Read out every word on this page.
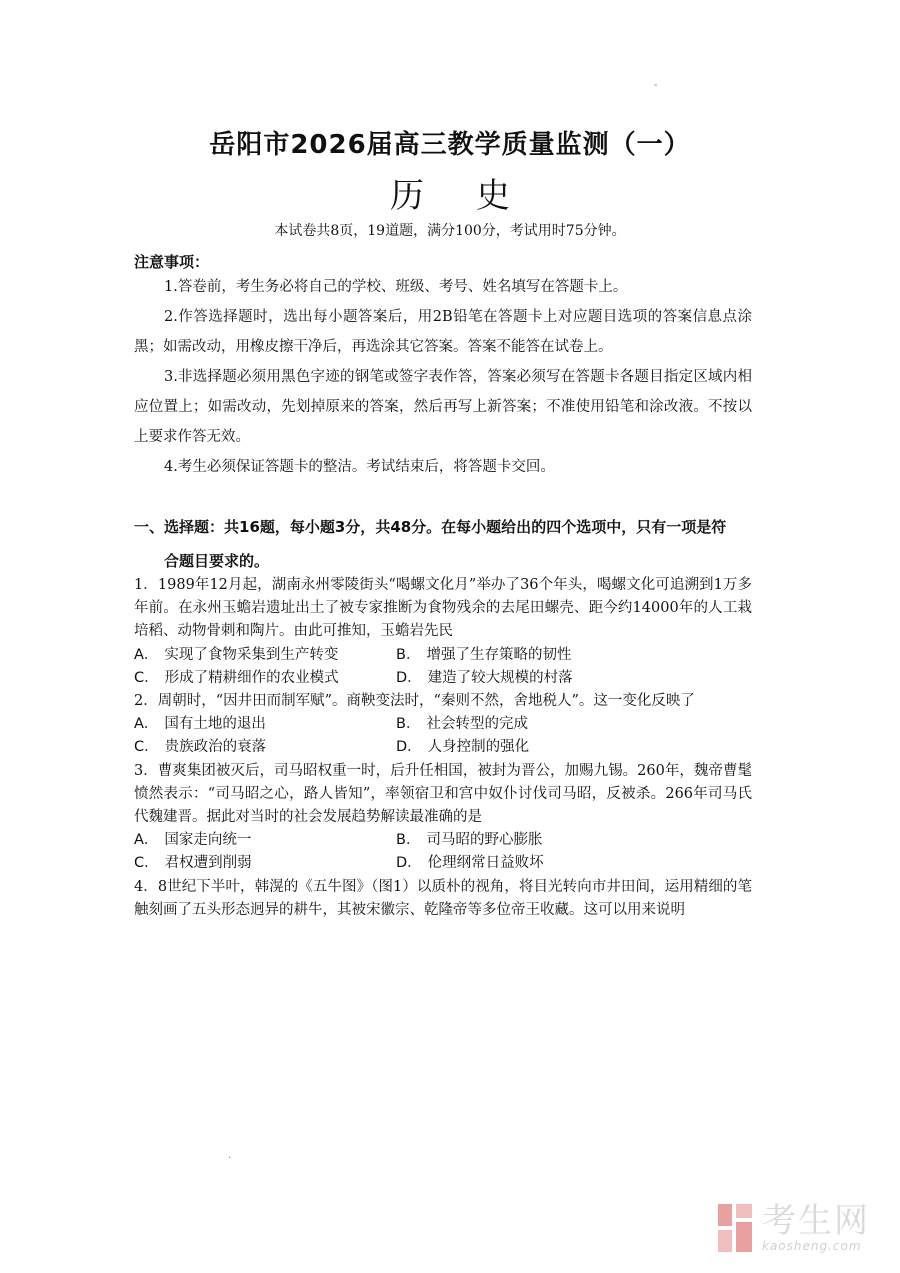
-
.
岳阳市2026届高三教学质量监测（一）
历史
本试卷共8页，19道题，满分100分，考试用时75分钟。
注意事项：

1.答卷前，考生务必将自己的学校、班级、考号、姓名填写在答题卡上。

2.作答选择题时，选出每小题答案后，用2B铅笔在答题卡上对应题目选项的答案信息点涂黑；如需改动，用橡皮擦干净后，再选涂其它答案。答案不能答在试卷上。

3.非选择题必须用黑色字迹的钢笔或签字表作答，答案必须写在答题卡各题目指定区域内相应位置上；如需改动，先划掉原来的答案，然后再写上新答案；不准使用铅笔和涂改液。不按以上要求作答无效。

4.考生必须保证答题卡的整洁。考试结束后，将答题卡交回。

一、选择题：共16题，每小题3分，共48分。在每小题给出的四个选项中，只有一项是符
合题目要求的。
1．1989年12月起，湖南永州零陵街头“喝螺文化月”举办了36个年头，喝螺文化可追溯到1万多年前。在永州玉蟾岩遗址出土了被专家推断为食物残余的去尾田螺壳、距今约14000年的人工栽培稻、动物骨刺和陶片。由此可推知，玉蟾岩先民
A． 实现了食物采集到生产转变	B． 增强了生存策略的韧性
C． 形成了精耕细作的农业模式	D． 建造了较大规模的村落
2．周朝时，“因井田而制军赋”。商鞅变法时，“秦则不然，舍地税人”。这一变化反映了
A． 国有土地的退出	B． 社会转型的完成
C． 贵族政治的衰落	D． 人身控制的强化
3．曹爽集团被灭后，司马昭权重一时，后升任相国，被封为晋公，加赐九锡。260年，魏帝曹髦愤然表示：“司马昭之心，路人皆知”，率领宿卫和宫中奴仆讨伐司马昭，反被杀。266年司马氏代魏建晋。据此对当时的社会发展趋势解读最准确的是
A． 国家走向统一	B． 司马昭的野心膨胀
C． 君权遭到削弱	D． 伦理纲常日益败坏
4．8世纪下半叶，韩滉的《五牛图》（图1）以质朴的视角，将目光转向市井田间，运用精细的笔触刻画了五头形态迥异的耕牛，其被宋徽宗、乾隆帝等多位帝王收藏。这可以用来说明
考生网
kaosheng.com
